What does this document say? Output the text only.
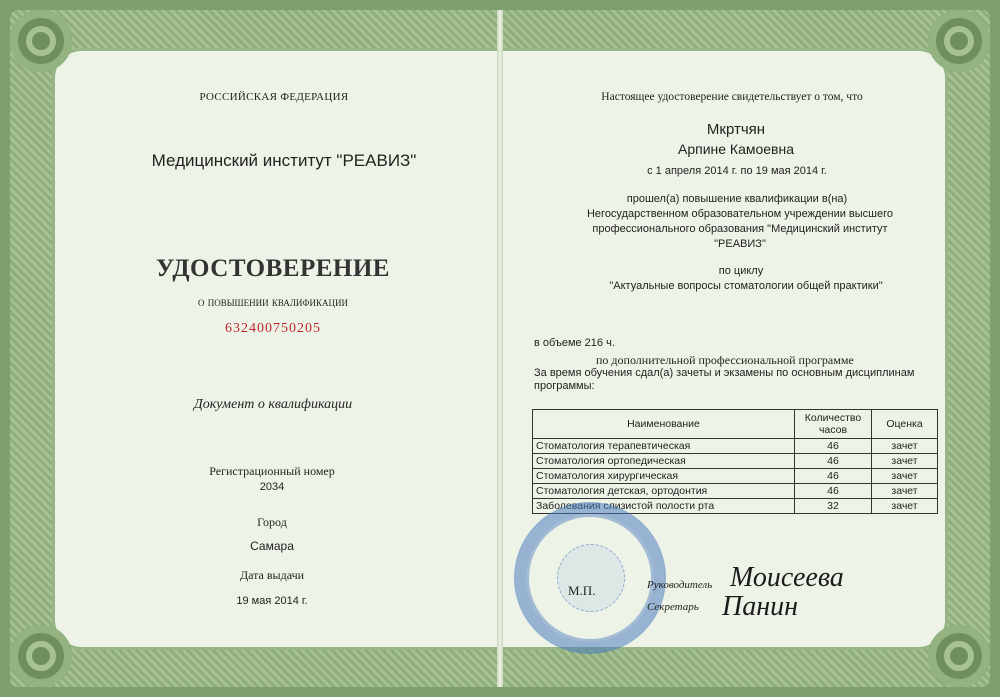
РОССИЙСКАЯ ФЕДЕРАЦИЯ
Медицинский институт "РЕАВИЗ"
УДОСТОВЕРЕНИЕ
о повышении квалификации
632400750205
Документ о квалификации
Регистрационный номер
2034
Город
Самара
Дата выдачи
19 мая 2014 г.
Настоящее удостоверение свидетельствует о том, что
Мкртчян
Арпине Камоевна
с 1 апреля 2014 г. по 19 мая 2014 г.
прошел(а) повышение квалификации в(на)
Негосударственном образовательном учреждении высшего
профессионального образования "Медицинский институт
"РЕАВИЗ"
по циклу
"Актуальные вопросы стоматологии общей практики"
в объеме 216 ч.
по дополнительной профессиональной программе
За время обучения сдал(а) зачеты и экзамены по основным дисциплинам
программы:
Наименование	Количество часов	Оценка
Стоматология терапевтическая	46	зачет
Стоматология ортопедическая	46	зачет
Стоматология хирургическая	46	зачет
Стоматология детская, ортодонтия	46	зачет
Заболевания слизистой полости рта	32	зачет
М.П.	Руководитель Моисеева
Секретарь Панин
